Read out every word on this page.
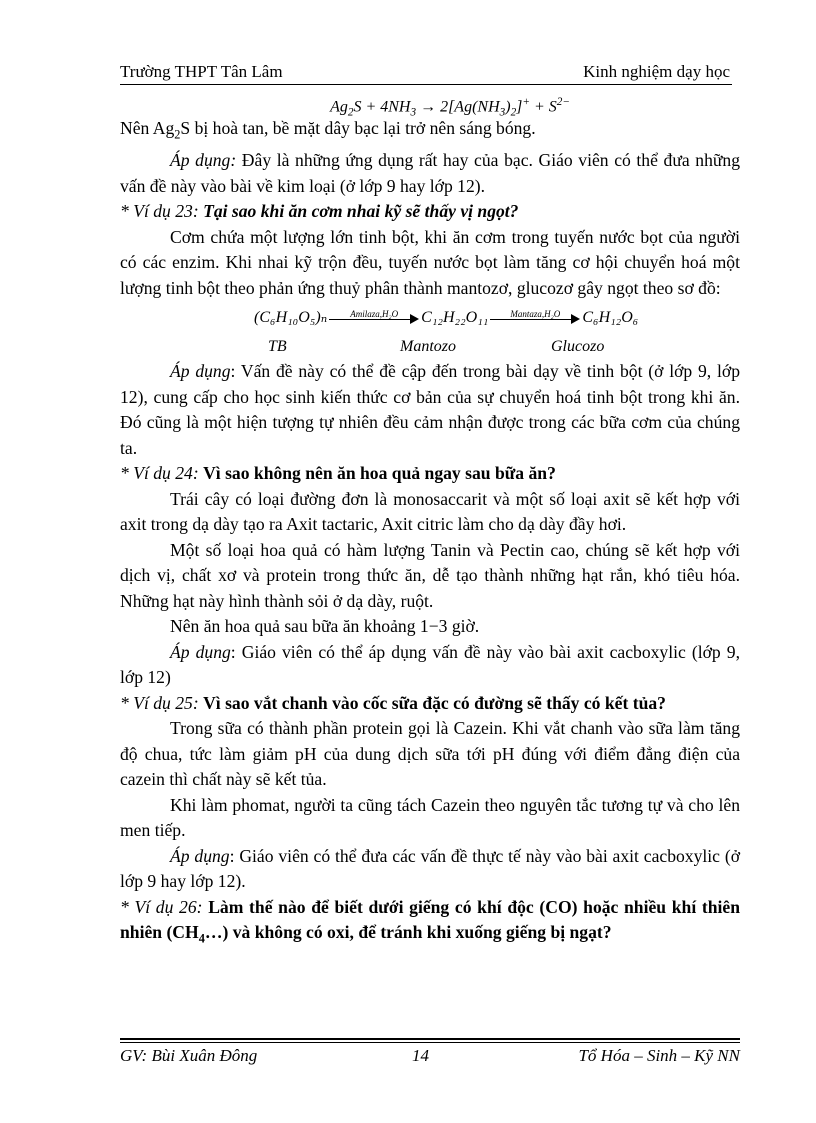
Trường THPT Tân Lâm	Kinh nghiệm dạy học
$Ag_2S + 4NH_3 \to 2[Ag(NH_3)_2]^+ + S^{2-}$

Nên $Ag_2S$ bị hoà tan, bề mặt dây bạc lại trở nên sáng bóng.

Áp dụng: Đây là những ứng dụng rất hay của bạc. Giáo viên có thể đưa những vấn đề này vào bài về kim loại (ở lớp 9 hay lớp 12).

* Ví dụ 23: Tại sao khi ăn cơm nhai kỹ sẽ thấy vị ngọt?

Cơm chứa một lượng lớn tinh bột, khi ăn cơm trong tuyến nước bọt của người có các enzim. Khi nhai kỹ trộn đều, tuyến nước bọt làm tăng cơ hội chuyển hoá một lượng tinh bột theo phản ứng thuỷ phân thành mantozơ, glucozơ gây ngọt theo sơ đồ:

(C₆H₁₀O₅)ₙ	Amilaza,H₂O	C₁₂H₂₂O₁₁	Mantaza,H₂O	C₆H₁₂O₆
TB	Mantozo	Glucozo

Áp dụng: Vấn đề này có thể đề cập đến trong bài dạy về tinh bột (ở lớp 9, lớp 12), cung cấp cho học sinh kiến thức cơ bản của sự chuyển hoá tinh bột trong khi ăn. Đó cũng là một hiện tượng tự nhiên đều cảm nhận được trong các bữa cơm của chúng ta.

* Ví dụ 24: Vì sao không nên ăn hoa quả ngay sau bữa ăn?

Trái cây có loại đường đơn là monosaccarit và một số loại axit sẽ kết hợp với axit trong dạ dày tạo ra Axit tactaric, Axit citric làm cho dạ dày đầy hơi.

Một số loại hoa quả có hàm lượng Tanin và Pectin cao, chúng sẽ kết hợp với dịch vị, chất xơ và protein trong thức ăn, dễ tạo thành những hạt rắn, khó tiêu hóa. Những hạt này hình thành sỏi ở dạ dày, ruột.

Nên ăn hoa quả sau bữa ăn khoảng 1−3 giờ.

Áp dụng: Giáo viên có thể áp dụng vấn đề này vào bài axit cacboxylic (lớp 9, lớp 12)

* Ví dụ 25: Vì sao vắt chanh vào cốc sữa đặc có đường sẽ thấy có kết tủa?

Trong sữa có thành phần protein gọi là Cazein. Khi vắt chanh vào sữa làm tăng độ chua, tức làm giảm pH của dung dịch sữa tới pH đúng với điểm đẳng điện của cazein thì chất này sẽ kết tủa.

Khi làm phomat, người ta cũng tách Cazein theo nguyên tắc tương tự và cho lên men tiếp.

Áp dụng: Giáo viên có thể đưa các vấn đề thực tế này vào bài axit cacboxylic (ở lớp 9 hay lớp 12).

* Ví dụ 26: Làm thế nào để biết dưới giếng có khí độc (CO) hoặc nhiều khí thiên nhiên $(CH_4\dots)$ và không có oxi, để tránh khi xuống giếng bị ngạt?

GV: Bùi Xuân Đông	14	Tổ Hóa – Sinh – Kỹ NN
